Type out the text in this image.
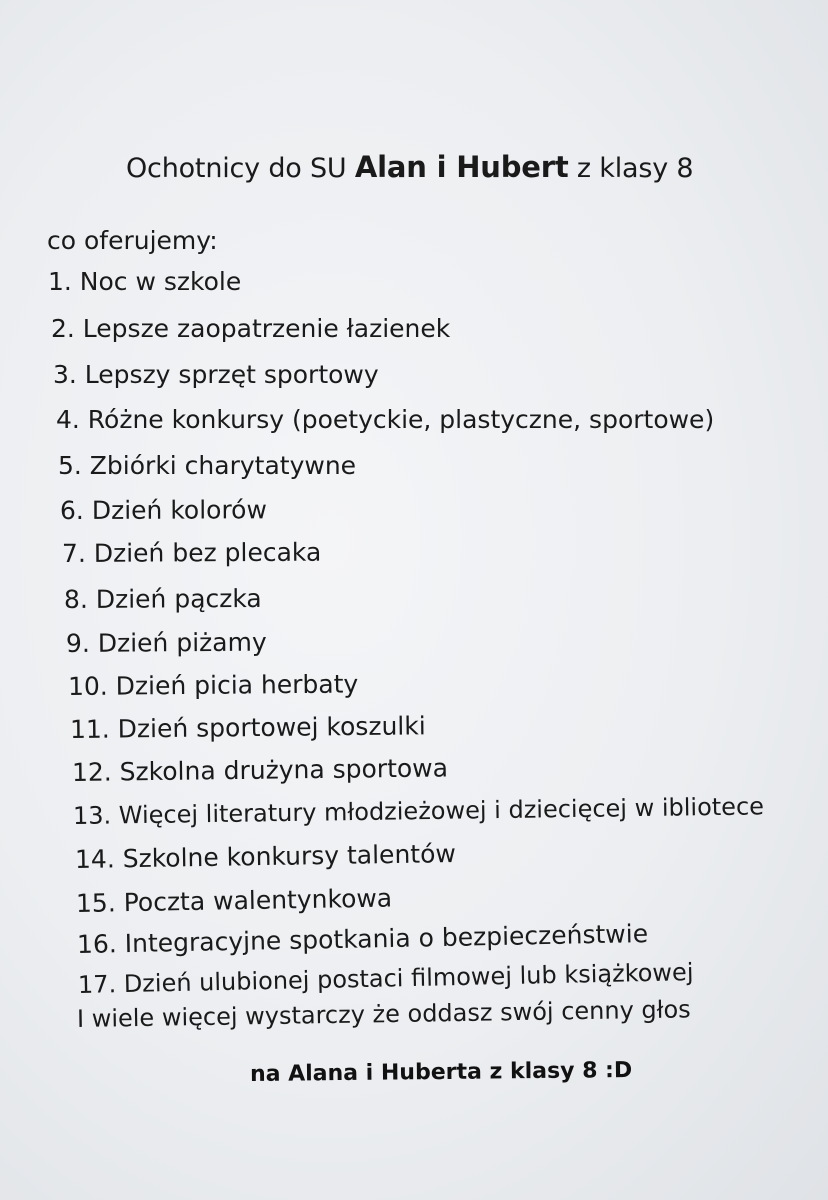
Ochotnicy do SU Alan i Hubert z klasy 8
co oferujemy:
1. Noc w szkole
2. Lepsze zaopatrzenie łazienek
3. Lepszy sprzęt sportowy
4. Różne konkursy (poetyckie, plastyczne, sportowe)
5. Zbiórki charytatywne
6. Dzień kolorów
7. Dzień bez plecaka
8. Dzień pączka
9. Dzień piżamy
10. Dzień picia herbaty
11. Dzień sportowej koszulki
12. Szkolna drużyna sportowa
13. Więcej literatury młodzieżowej i dziecięcej w ibliotece
14. Szkolne konkursy talentów
15. Poczta walentynkowa
16. Integracyjne spotkania o bezpieczeństwie
17. Dzień ulubionej postaci filmowej lub książkowej
I wiele więcej wystarczy że oddasz swój cenny głos
na Alana i Huberta z klasy 8 :D
